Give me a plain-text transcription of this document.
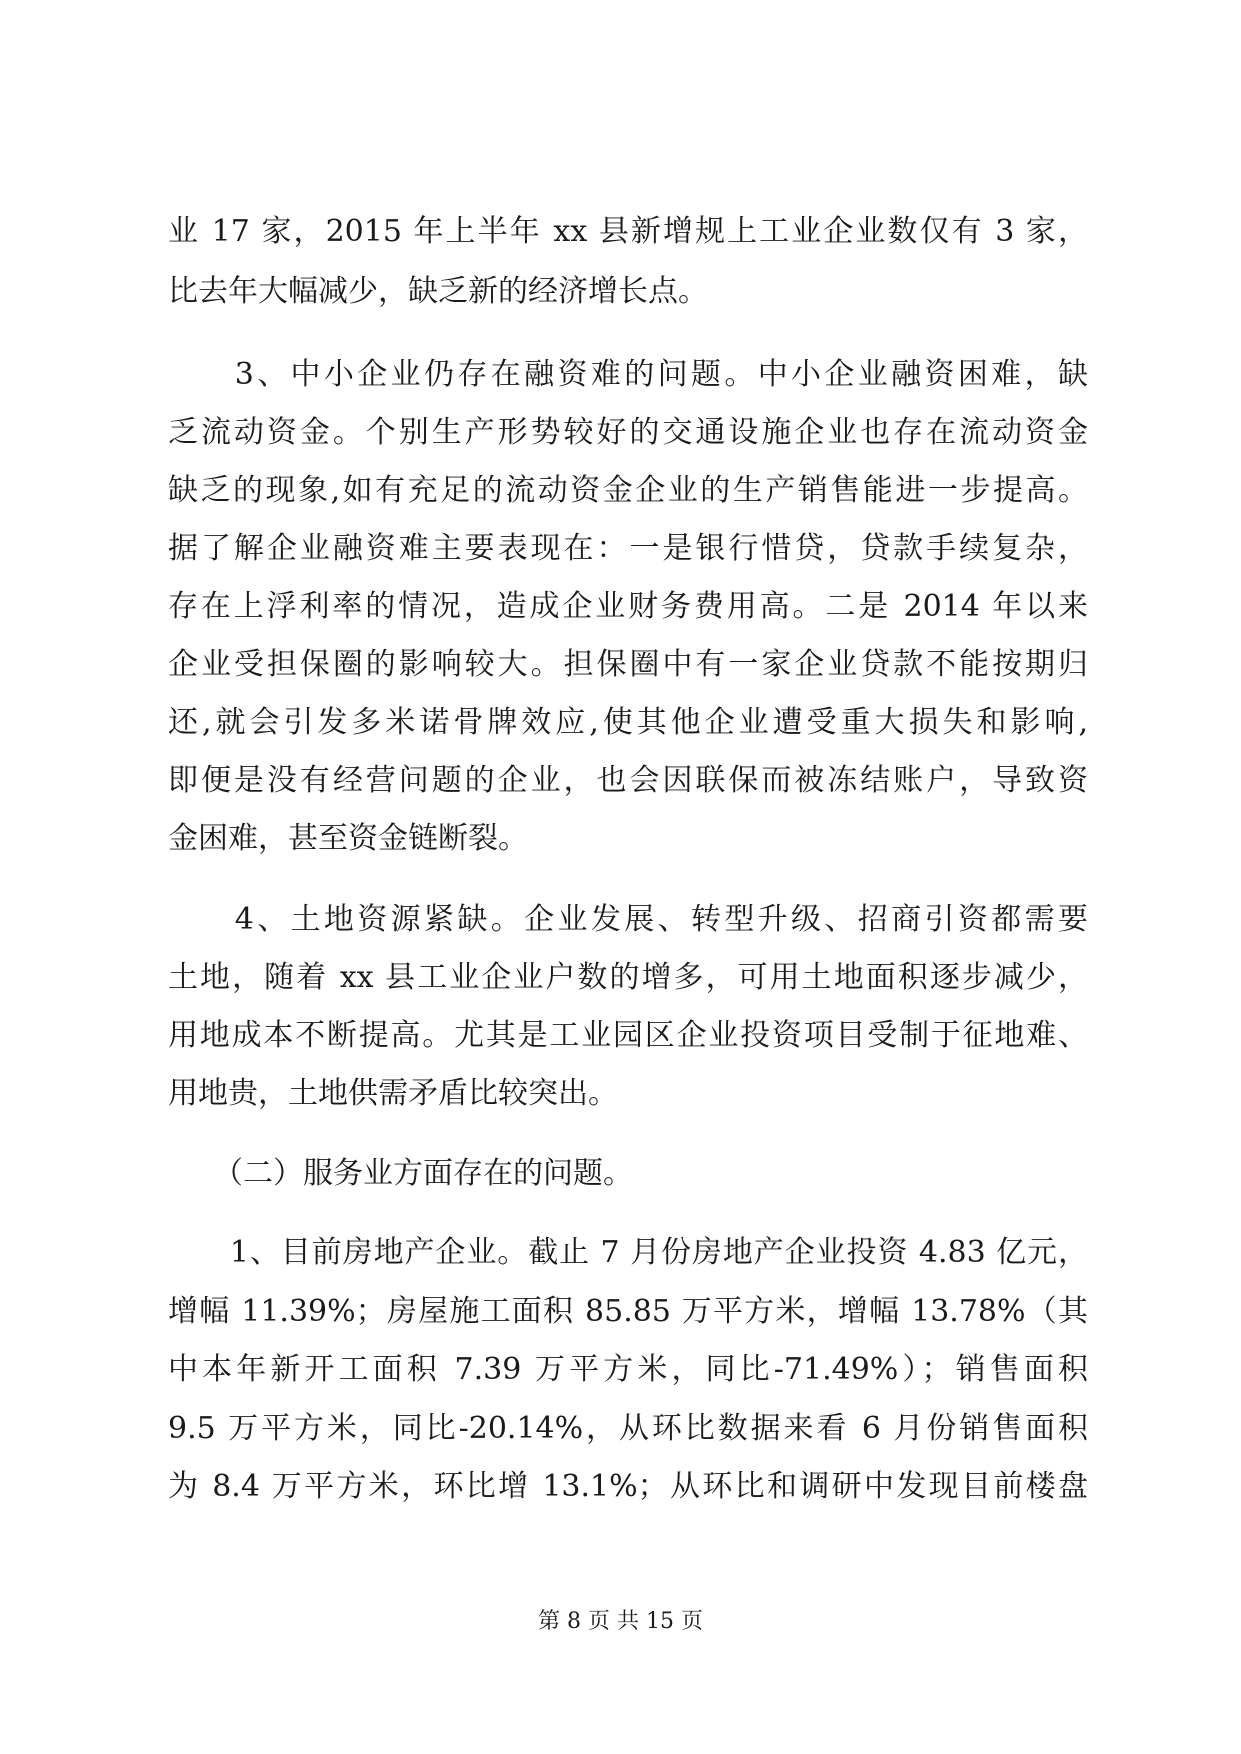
业 17 家，2015 年上半年 xx 县新增规上工业企业数仅有 3 家，
比去年大幅减少，缺乏新的经济增长点。
　　3、中小企业仍存在融资难的问题。中小企业融资困难，缺
乏流动资金。个别生产形势较好的交通设施企业也存在流动资金
缺乏的现象,如有充足的流动资金企业的生产销售能进一步提高。
据了解企业融资难主要表现在：一是银行惜贷，贷款手续复杂，
存在上浮利率的情况，造成企业财务费用高。二是 2014 年以来
企业受担保圈的影响较大。担保圈中有一家企业贷款不能按期归
还,就会引发多米诺骨牌效应,使其他企业遭受重大损失和影响,
即便是没有经营问题的企业，也会因联保而被冻结账户，导致资
金困难，甚至资金链断裂。
　　4、土地资源紧缺。企业发展、转型升级、招商引资都需要
土地，随着 xx 县工业企业户数的增多，可用土地面积逐步减少，
用地成本不断提高。尤其是工业园区企业投资项目受制于征地难、
用地贵，土地供需矛盾比较突出。
　　（二）服务业方面存在的问题。
　　1、目前房地产企业。截止 7 月份房地产企业投资 4.83 亿元，
增幅 11.39%；房屋施工面积 85.85 万平方米，增幅 13.78%（其
中本年新开工面积 7.39 万平方米，同比-71.49%）；销售面积
9.5 万平方米，同比-20.14%，从环比数据来看 6 月份销售面积
为 8.4 万平方米，环比增 13.1%；从环比和调研中发现目前楼盘
第 8 页 共 15 页
